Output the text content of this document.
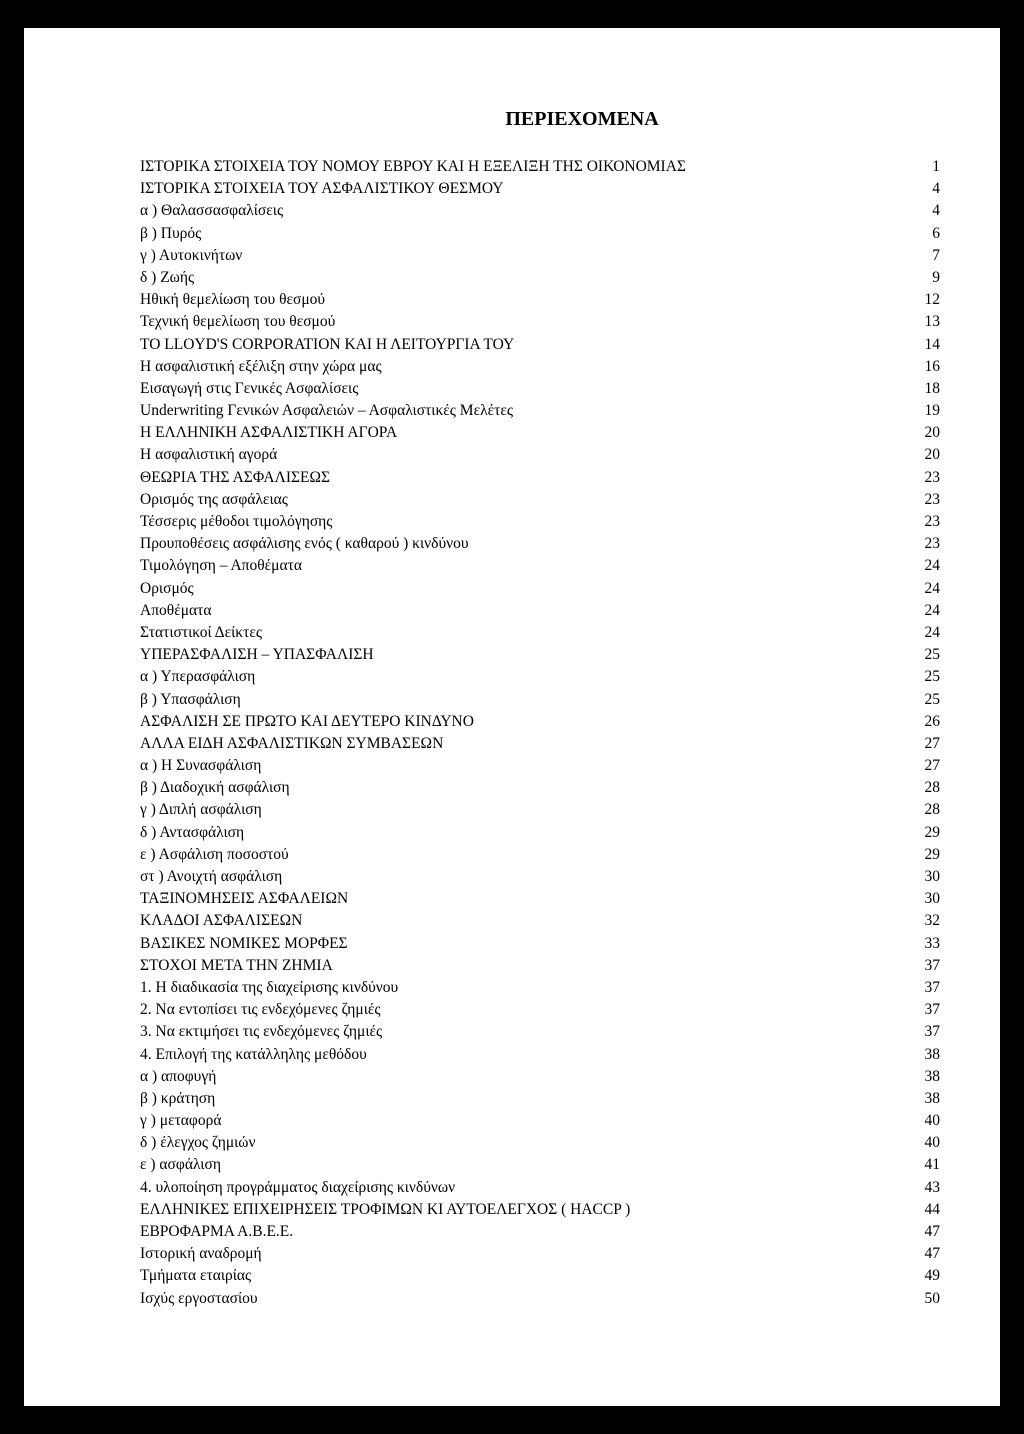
ΠΕΡΙΕΧΟΜΕΝΑ
ΙΣΤΟΡΙΚΑ ΣΤΟΙΧΕΙΑ ΤΟΥ ΝΟΜΟΥ ΕΒΡΟΥ ΚΑΙ Η ΕΞΕΛΙΞΗ ΤΗΣ ΟΙΚΟΝΟΜΙΑΣ	1
ΙΣΤΟΡΙΚΑ ΣΤΟΙΧΕΙΑ ΤΟΥ ΑΣΦΑΛΙΣΤΙΚΟΥ ΘΕΣΜΟΥ	4
α ) Θαλασσασφαλίσεις	4
β ) Πυρός	6
γ ) Αυτοκινήτων	7
δ ) Ζωής	9
Ηθική θεμελίωση του θεσμού	12
Τεχνική θεμελίωση του θεσμού	13
ΤΟ LLOYD'S CORPORATION ΚΑΙ Η ΛΕΙΤΟΥΡΓΙΑ ΤΟΥ	14
Η ασφαλιστική εξέλιξη στην χώρα μας	16
Εισαγωγή στις Γενικές Ασφαλίσεις	18
Underwriting Γενικών Ασφαλειών – Ασφαλιστικές Μελέτες	19
Η ΕΛΛΗΝΙΚΗ ΑΣΦΑΛΙΣΤΙΚΗ ΑΓΟΡΑ	20
Η ασφαλιστική αγορά	20
ΘΕΩΡΙΑ ΤΗΣ ΑΣΦΑΛΙΣΕΩΣ	23
Ορισμός της ασφάλειας	23
Τέσσερις μέθοδοι τιμολόγησης	23
Προυποθέσεις ασφάλισης ενός ( καθαρού ) κινδύνου	23
Τιμολόγηση – Αποθέματα	24
Ορισμός	24
Αποθέματα	24
Στατιστικοί Δείκτες	24
ΥΠΕΡΑΣΦΑΛΙΣΗ – ΥΠΑΣΦΑΛΙΣΗ	25
α ) Υπερασφάλιση	25
β ) Υπασφάλιση	25
ΑΣΦΑΛΙΣΗ ΣΕ ΠΡΩΤΟ ΚΑΙ ΔΕΥΤΕΡΟ ΚΙΝΔΥΝΟ	26
ΑΛΛΑ ΕΙΔΗ ΑΣΦΑΛΙΣΤΙΚΩΝ ΣΥΜΒΑΣΕΩΝ	27
α ) Η Συνασφάλιση	27
β ) Διαδοχική ασφάλιση	28
γ ) Διπλή ασφάλιση	28
δ ) Αντασφάλιση	29
ε ) Ασφάλιση ποσοστού	29
στ ) Ανοιχτή ασφάλιση	30
ΤΑΞΙΝΟΜΗΣΕΙΣ ΑΣΦΑΛΕΙΩΝ	30
ΚΛΑΔΟΙ ΑΣΦΑΛΙΣΕΩΝ	32
ΒΑΣΙΚΕΣ ΝΟΜΙΚΕΣ ΜΟΡΦΕΣ	33
ΣΤΟΧΟΙ ΜΕΤΑ ΤΗΝ ΖΗΜΙΑ	37
1. Η διαδικασία της διαχείρισης κινδύνου	37
2. Να εντοπίσει τις ενδεχόμενες ζημιές	37
3. Να εκτιμήσει τις ενδεχόμενες ζημιές	37
4. Επιλογή της κατάλληλης μεθόδου	38
α ) αποφυγή	38
β ) κράτηση	38
γ ) μεταφορά	40
δ ) έλεγχος ζημιών	40
ε ) ασφάλιση	41
4. υλοποίηση προγράμματος διαχείρισης κινδύνων	43
ΕΛΛΗΝΙΚΕΣ ΕΠΙΧΕΙΡΗΣΕΙΣ ΤΡΟΦΙΜΩΝ ΚΙ ΑΥΤΟΕΛΕΓΧΟΣ ( HACCP )	44
ΕΒΡΟΦΑΡΜΑ Α.Β.Ε.Ε.	47
Ιστορική αναδρομή	47
Τμήματα εταιρίας	49
Ισχύς εργοστασίου	50
